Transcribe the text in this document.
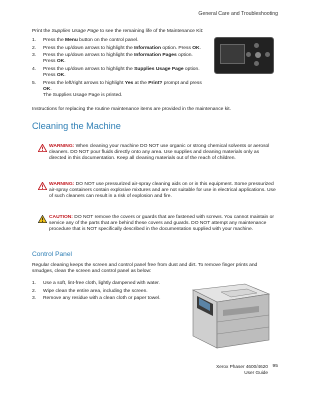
General Care and Troubleshooting
Print the Supplies Usage Page to see the remaining life of the Maintenance Kit:
1.	Press the Menu button on the control panel.
2.	Press the up/down arrows to highlight the Information option. Press OK.
3.	Press the up/down arrows to highlight the Information Pages option. Press OK.
4.	Press the up/down arrows to highlight the Supplies Usage Page option. Press OK.
5.	Press the left/right arrows to highlight Yes at the Print? prompt and press OK.
The Supplies Usage Page is printed.
Instructions for replacing the routine maintenance items are provided in the maintenance kit.
Cleaning the Machine
WARNING: When cleaning your machine DO NOT use organic or strong chemical solvents or aerosol cleaners. DO NOT pour fluids directly onto any area. Use supplies and cleaning materials only as directed in this documentation. Keep all cleaning materials out of the reach of children.
WARNING: DO NOT use pressurized air-spray cleaning aids on or in this equipment. Some pressurized air-spray containers contain explosive mixtures and are not suitable for use in electrical applications. Use of such cleaners can result in a risk of explosion and fire.
CAUTION: DO NOT remove the covers or guards that are fastened with screws. You cannot maintain or service any of the parts that are behind these covers and guards. DO NOT attempt any maintenance procedure that is NOT specifically described in the documentation supplied with your machine.
Control Panel
Regular cleaning keeps the screen and control panel free from dust and dirt. To remove finger prints and smudges, clean the screen and control panel as below:
1.	Use a soft, lint-free cloth, lightly dampened with water.
2.	Wipe clean the entire area, including the screen.
3.	Remove any residue with a clean cloth or paper towel.
Xerox Phaser 4600/4620
User Guide
95
